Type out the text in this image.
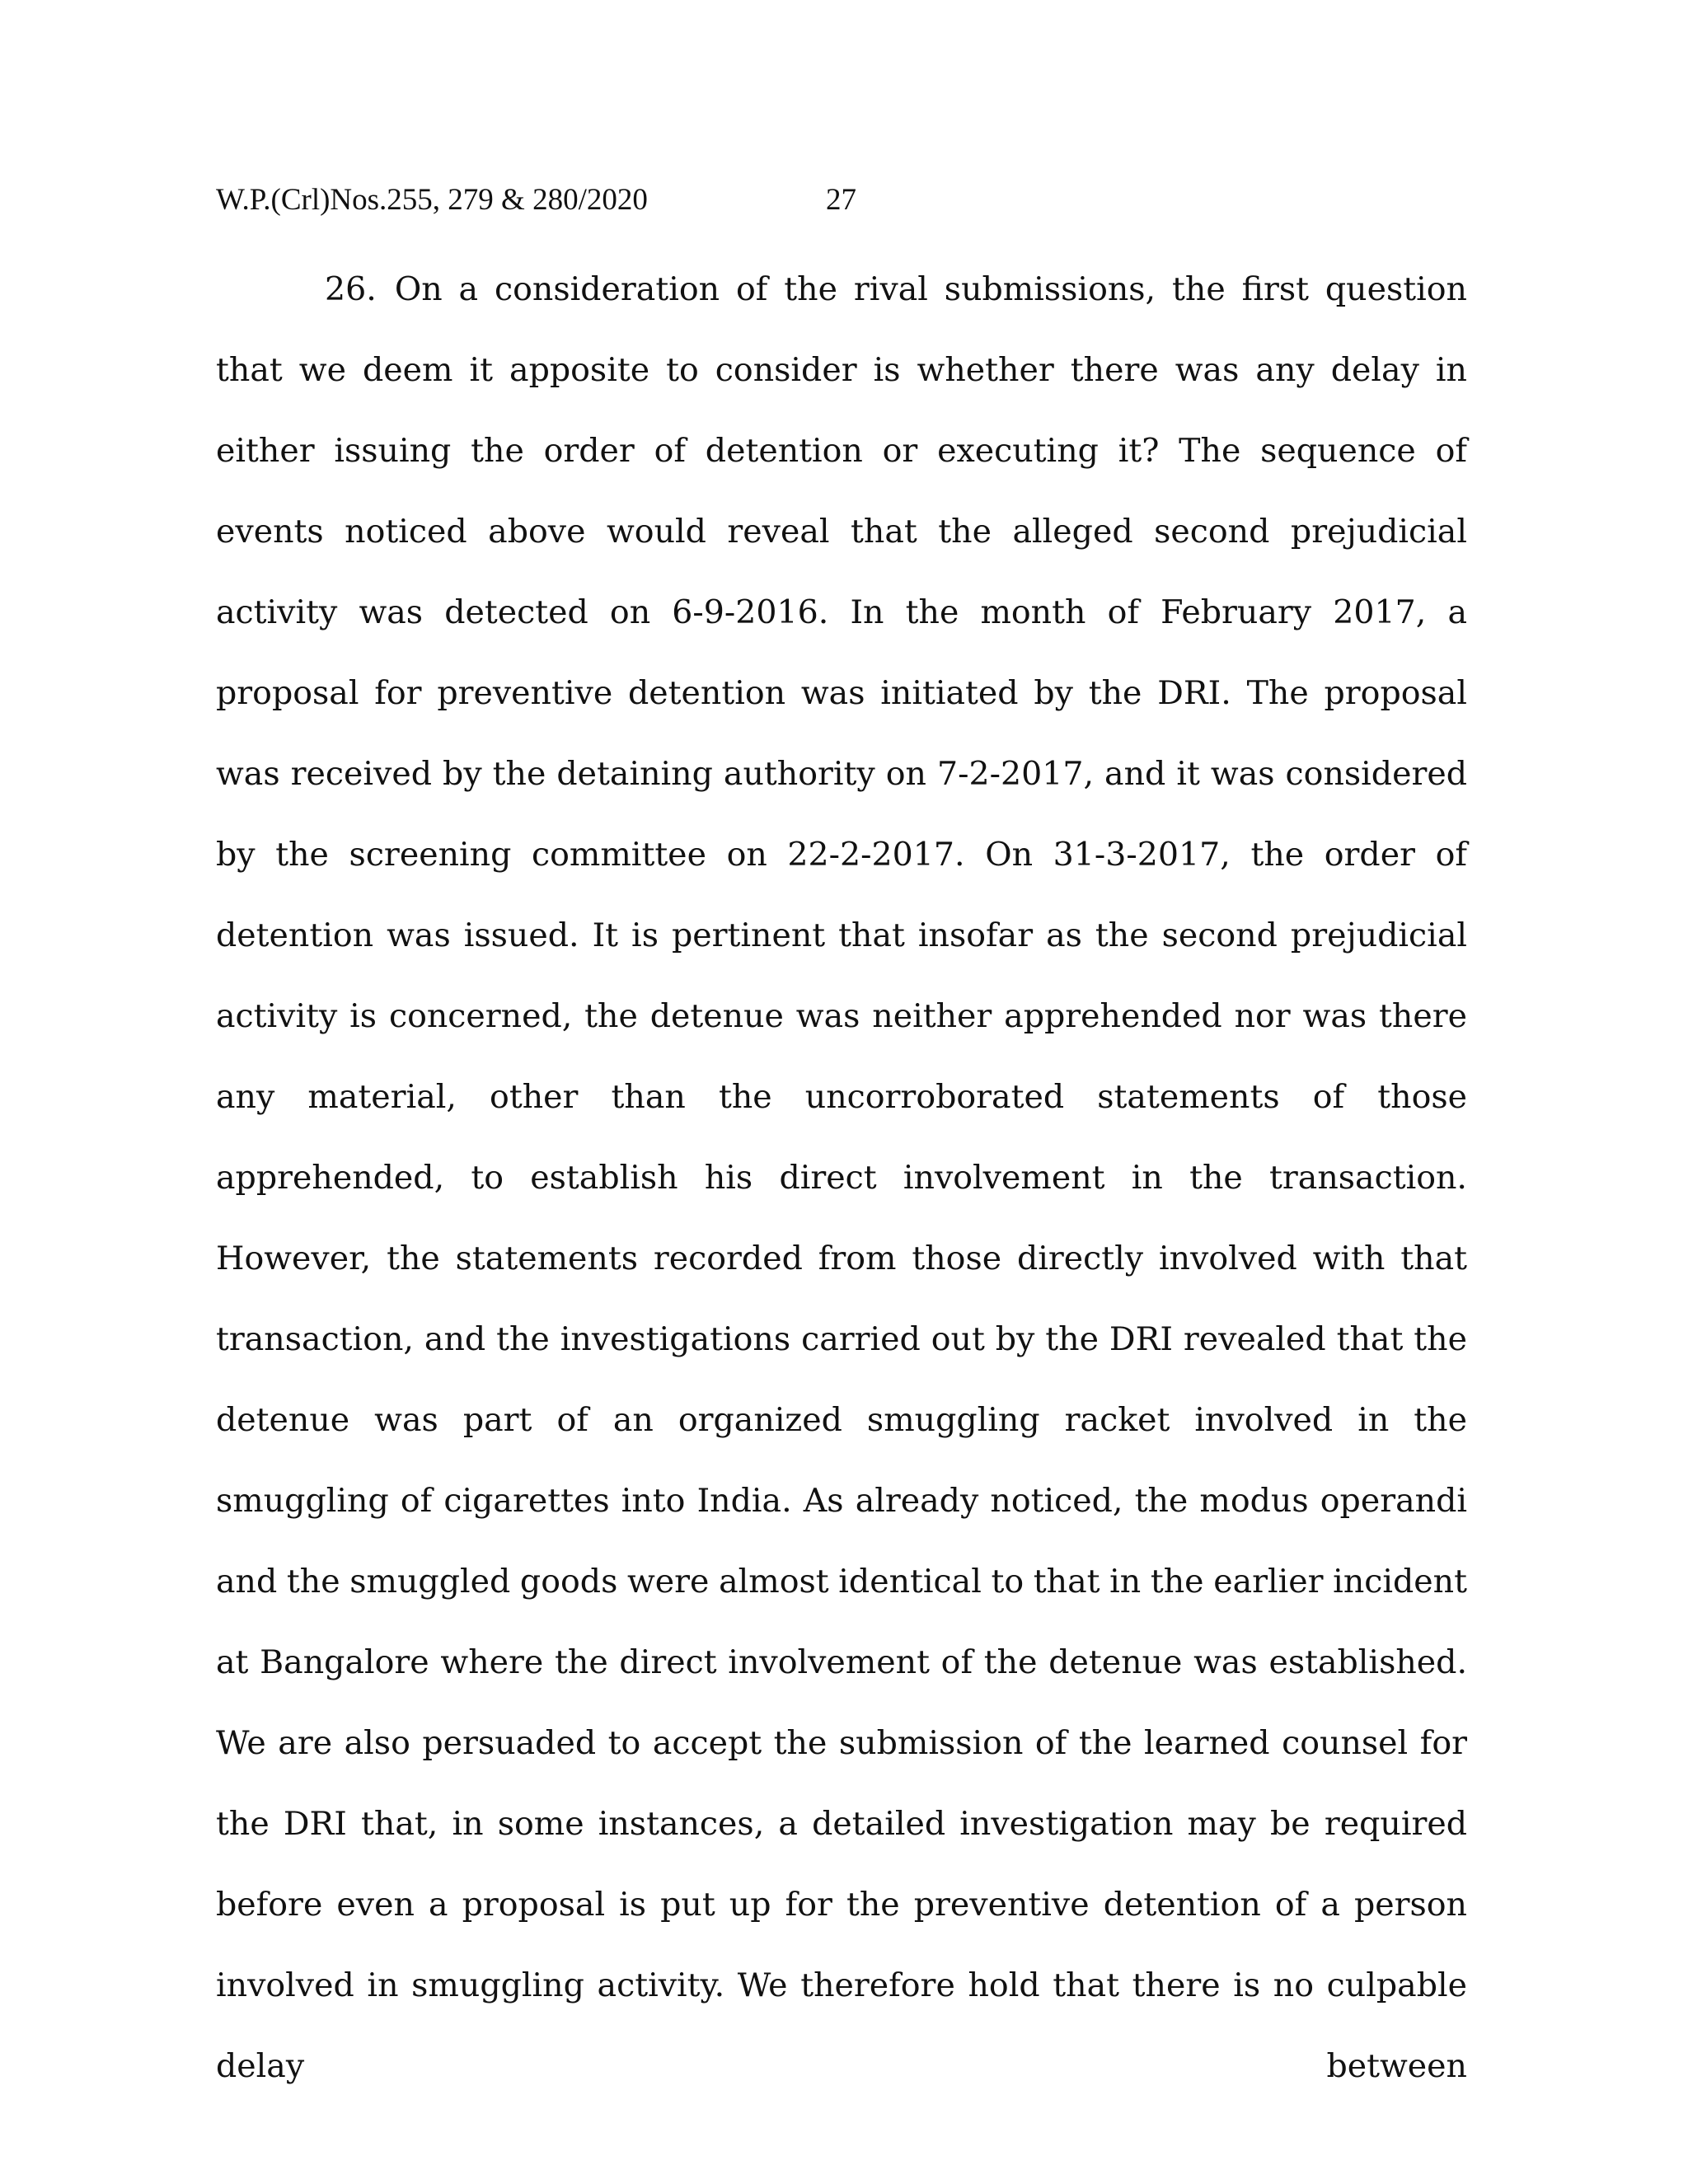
W.P.(Crl)Nos.255, 279 & 280/2020	27

26. On a consideration of the rival submissions, the first question that we deem it apposite to consider is whether there was any delay in either issuing the order of detention or executing it? The sequence of events noticed above would reveal that the alleged second prejudicial activity was detected on 6-9-2016. In the month of February 2017, a proposal for preventive detention was initiated by the DRI. The proposal was received by the detaining authority on 7-2-2017, and it was considered by the screening committee on 22-2-2017. On 31-3-2017, the order of detention was issued. It is pertinent that insofar as the second prejudicial activity is concerned, the detenue was neither apprehended nor was there any material, other than the uncorroborated statements of those apprehended, to establish his direct involvement in the transaction. However, the statements recorded from those directly involved with that transaction, and the investigations carried out by the DRI revealed that the detenue was part of an organized smuggling racket involved in the smuggling of cigarettes into India. As already noticed, the modus operandi and the smuggled goods were almost identical to that in the earlier incident at Bangalore where the direct involvement of the detenue was established. We are also persuaded to accept the submission of the learned counsel for the DRI that, in some instances, a detailed investigation may be required before even a proposal is put up for the preventive detention of a person involved in smuggling activity. We therefore hold that there is no culpable delay between
